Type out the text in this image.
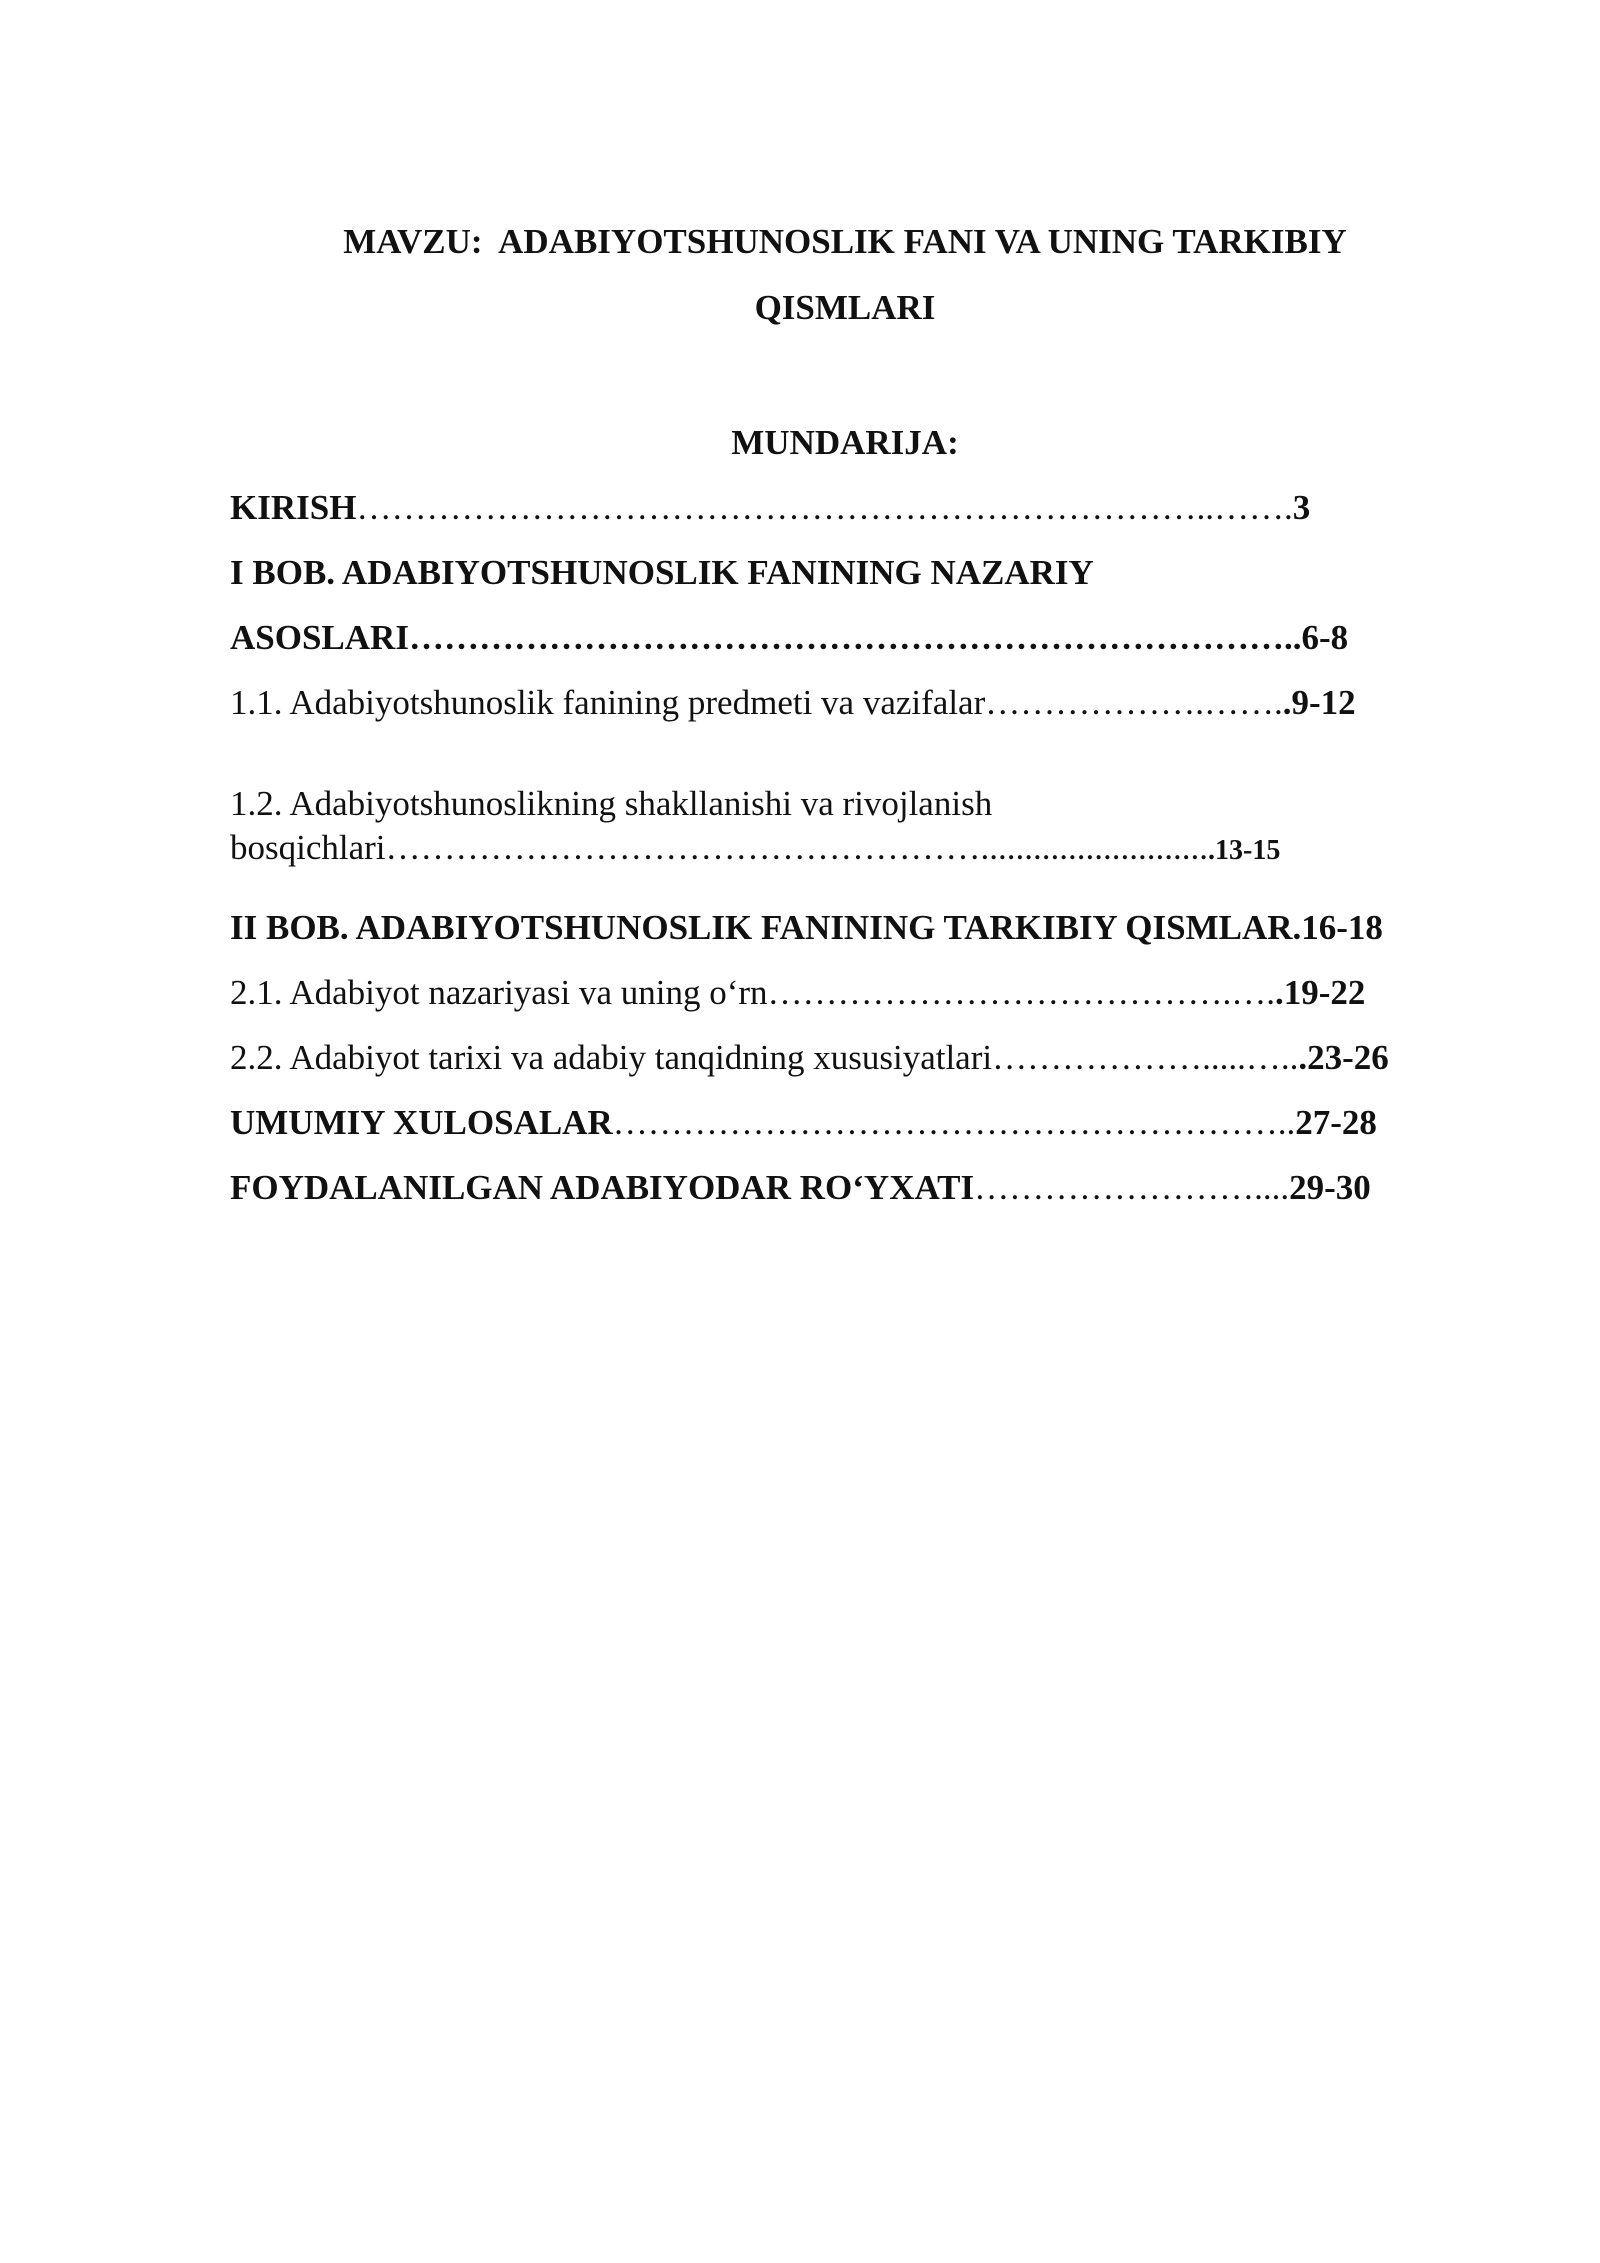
MAVZU:  ADABIYOTSHUNOSLIK FANI VA UNING TARKIBIY
QISMLARI
MUNDARIJA:
KIRISH………………………………………………………………..…….3
I BOB. ADABIYOTSHUNOSLIK FANINING NAZARIY
ASOSLARI…………………………………………………………………..6-8
1.1. Adabiyotshunoslik fanining predmeti va vazifalar……………….……..9-12
1.2. Adabiyotshunoslikning shakllanishi va rivojlanish
bosqichlari……………………………………………...........................13-15
II BOB. ADABIYOTSHUNOSLIK FANINING TARKIBIY QISMLAR.16-18
2.1. Adabiyot nazariyasi va uning o‘rn………………………………….…..19-22
2.2. Adabiyot tarixi va adabiy tanqidning xususiyatlari……………….....…...23-26
UMUMIY XULOSALAR…………………………………………………..27-28
FOYDALANILGAN ADABIYODAR RO‘YXATI……………………....29-30
